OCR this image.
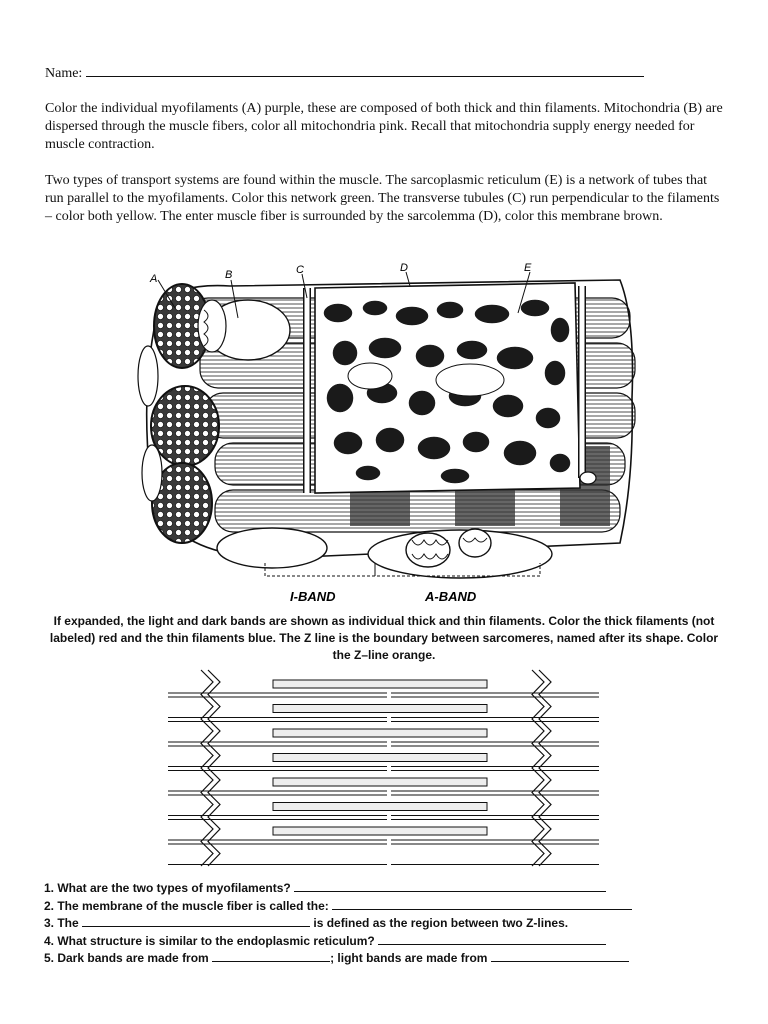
Name:

Color the individual myofilaments (A) purple, these are composed of both thick and thin filaments. Mitochondria (B) are dispersed through the muscle fibers, color all mitochondria pink. Recall that mitochondria supply energy needed for muscle contraction.

Two types of transport systems are found within the muscle. The sarcoplasmic reticulum (E) is a network of tubes that run parallel to the myofilaments. Color this network green. The transverse tubules (C) run perpendicular to the filaments – color both yellow. The enter muscle fiber is surrounded by the sarcolemma (D), color this membrane brown.

A	B	C	D	E
I-BAND	A-BAND
If expanded, the light and dark bands are shown as individual thick and thin filaments. Color the thick filaments (not labeled) red and the thin filaments blue. The Z line is the boundary between sarcomeres, named after its shape. Color the Z–line orange.
1. What are the two types of myofilaments?
2. The membrane of the muscle fiber is called the:
3. The	is defined as the region between two Z-lines.
4. What structure is similar to the endoplasmic reticulum?
5. Dark bands are made from	; light bands are made from
